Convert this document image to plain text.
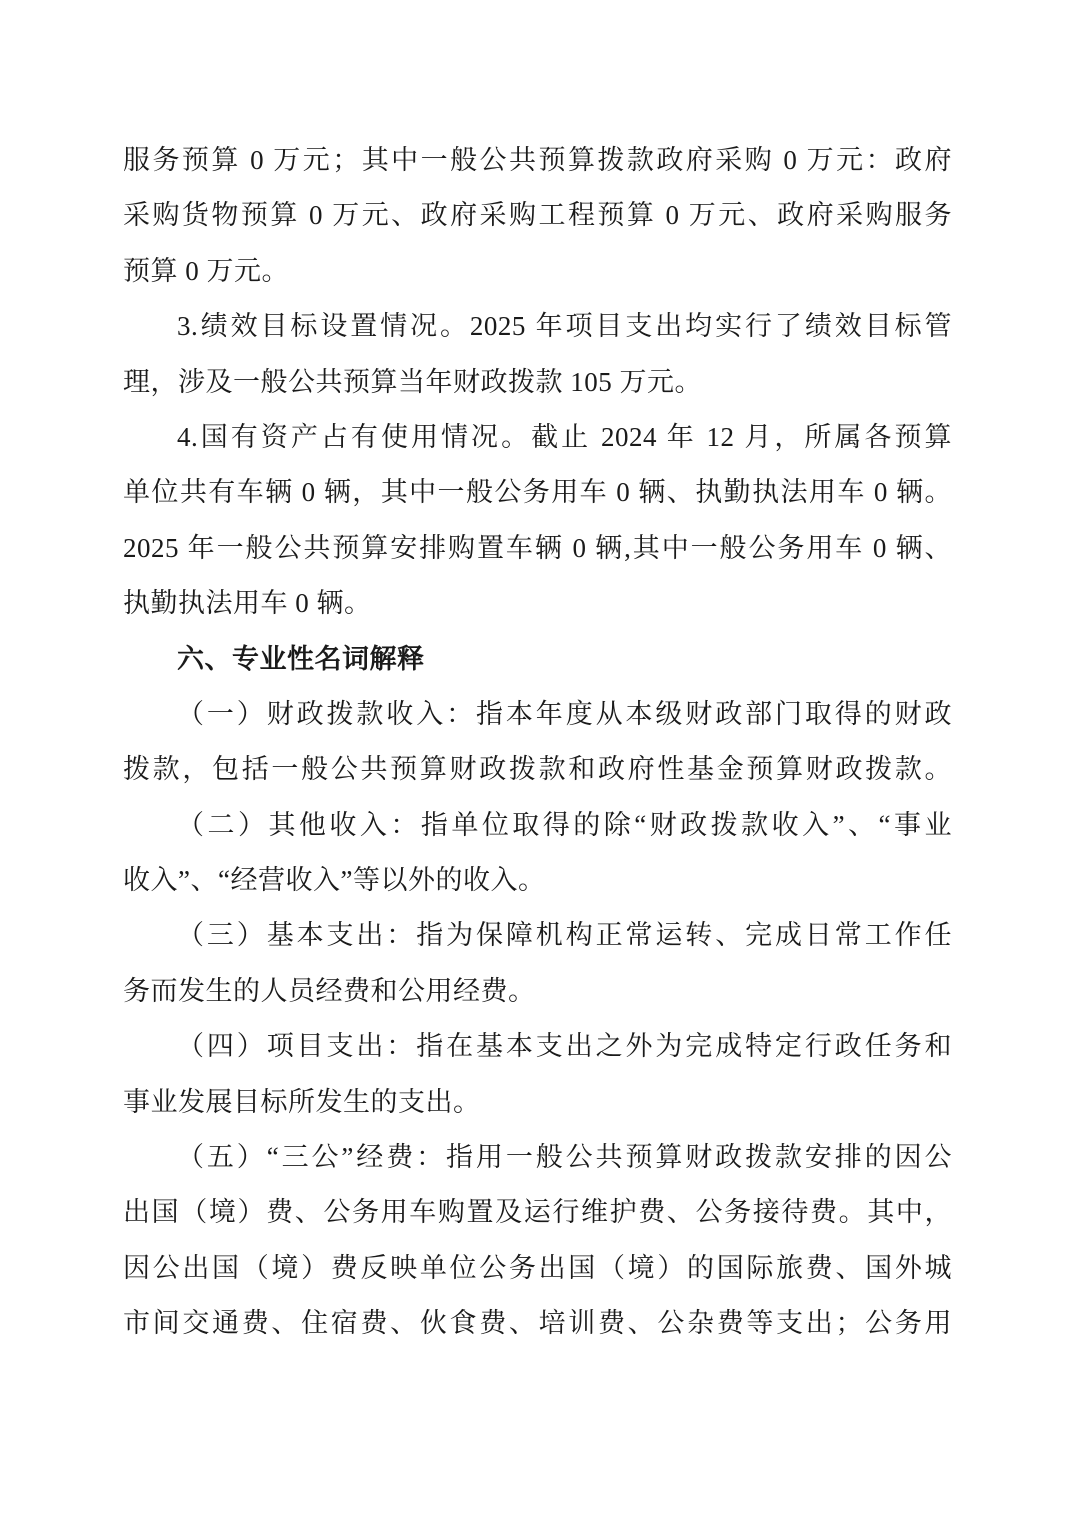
服务预算 0 万元；其中一般公共预算拨款政府采购 0 万元：政府

采购货物预算 0 万元、政府采购工程预算 0 万元、政府采购服务

预算 0 万元。

3.绩效目标设置情况。2025 年项目支出均实行了绩效目标管

理，涉及一般公共预算当年财政拨款 105 万元。

4.国有资产占有使用情况。截止 2024 年 12 月，所属各预算

单位共有车辆 0 辆，其中一般公务用车 0 辆、执勤执法用车 0 辆。

2025 年一般公共预算安排购置车辆 0 辆,其中一般公务用车 0 辆、

执勤执法用车 0 辆。

六、专业性名词解释

（一）财政拨款收入：指本年度从本级财政部门取得的财政

拨款，包括一般公共预算财政拨款和政府性基金预算财政拨款。

（二）其他收入：指单位取得的除“财政拨款收入”、“事业

收入”、“经营收入”等以外的收入。

（三）基本支出：指为保障机构正常运转、完成日常工作任

务而发生的人员经费和公用经费。

（四）项目支出：指在基本支出之外为完成特定行政任务和

事业发展目标所发生的支出。

（五）“三公”经费：指用一般公共预算财政拨款安排的因公

出国（境）费、公务用车购置及运行维护费、公务接待费。其中，

因公出国（境）费反映单位公务出国（境）的国际旅费、国外城

市间交通费、住宿费、伙食费、培训费、公杂费等支出；公务用
